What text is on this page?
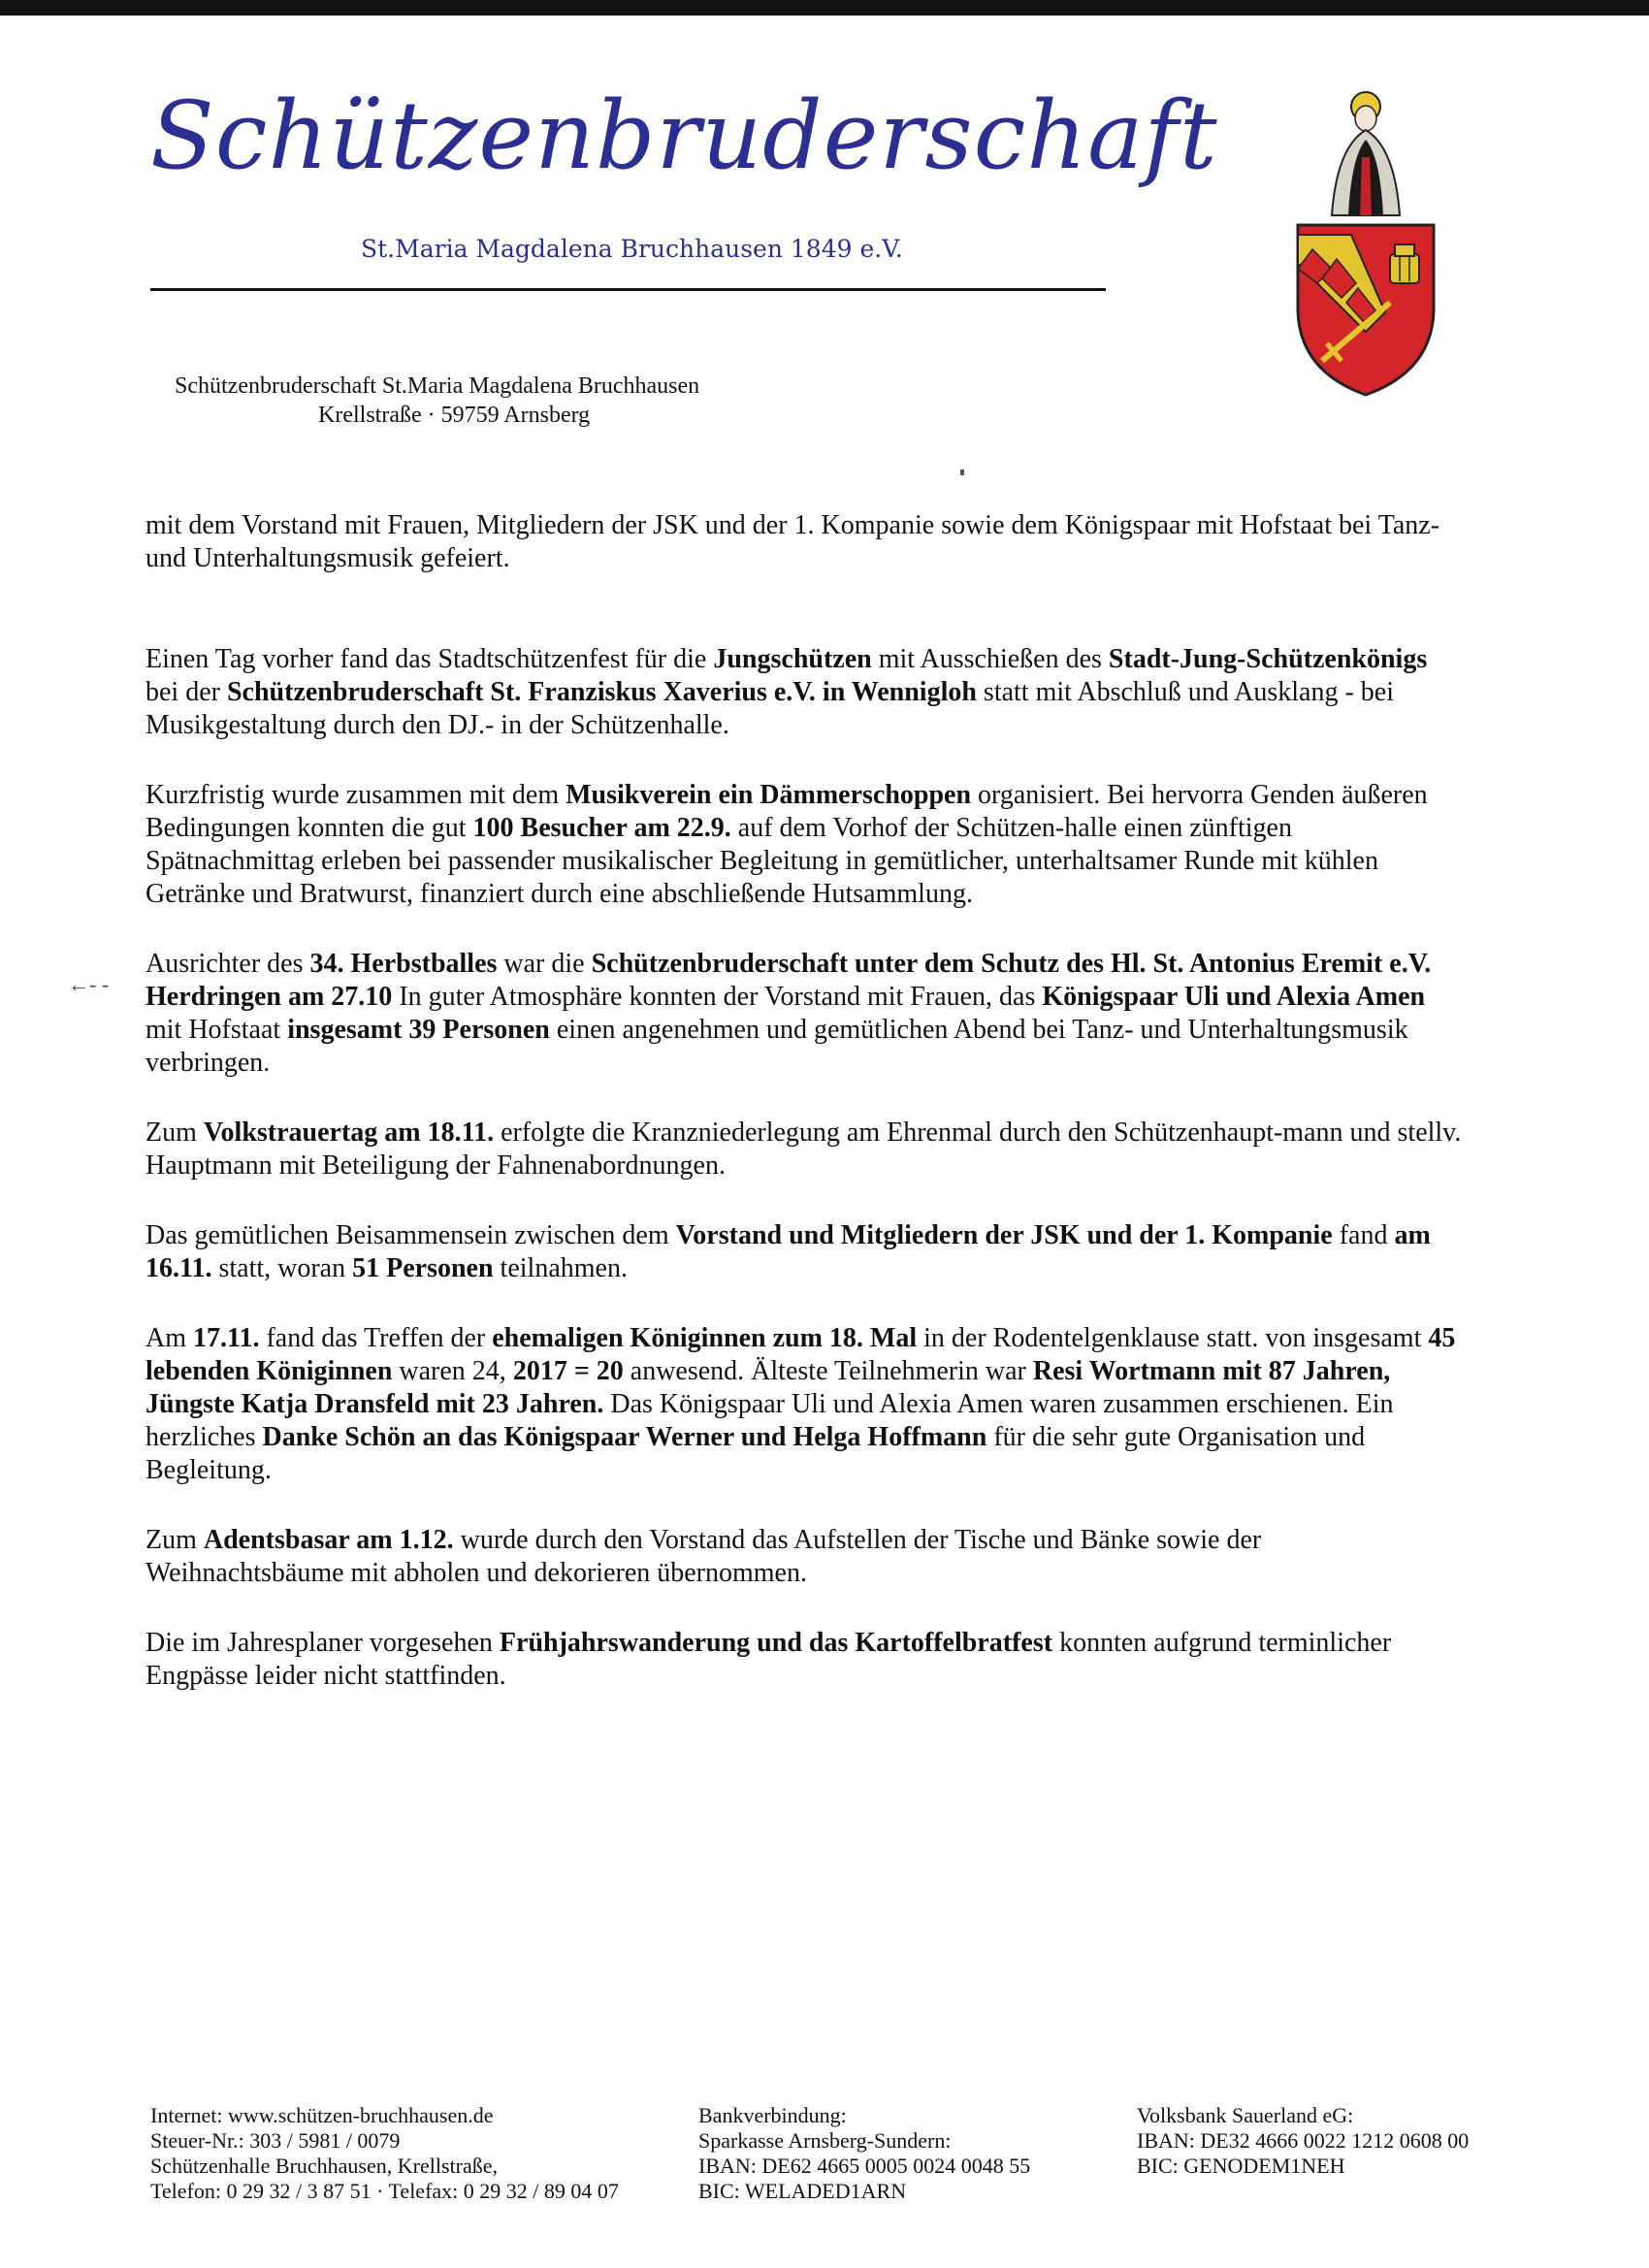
Schützenbruderschaft
St.Maria Magdalena Bruchhausen 1849 e.V.
Schützenbruderschaft St.Maria Magdalena Bruchhausen
Krellstraße · 59759 Arnsberg
←- -

mit dem Vorstand mit Frauen, Mitgliedern der JSK und der 1. Kompanie sowie dem Königspaar mit Hofstaat bei Tanz- und Unterhaltungsmusik gefeiert.

Einen Tag vorher fand das Stadtschützenfest für die Jungschützen mit Ausschießen des Stadt-Jung-Schützenkönigs bei der Schützenbruderschaft St. Franziskus Xaverius e.V. in Wennigloh statt mit Abschluß und Ausklang - bei Musikgestaltung durch den DJ.- in der Schützenhalle.

Kurzfristig wurde zusammen mit dem Musikverein ein Dämmerschoppen organisiert. Bei hervorra Genden äußeren Bedingungen konnten die gut 100 Besucher am 22.9. auf dem Vorhof der Schützen-halle einen zünftigen Spätnachmittag erleben bei passender musikalischer Begleitung in gemütlicher, unterhaltsamer Runde mit kühlen Getränke und Bratwurst, finanziert durch eine abschließende Hutsammlung.

Ausrichter des 34. Herbstballes war die Schützenbruderschaft unter dem Schutz des Hl. St. Antonius Eremit e.V. Herdringen am 27.10 In guter Atmosphäre konnten der Vorstand mit Frauen, das Königspaar Uli und Alexia Amen mit Hofstaat insgesamt 39 Personen einen angenehmen und gemütlichen Abend bei Tanz- und Unterhaltungsmusik verbringen.

Zum Volkstrauertag am 18.11. erfolgte die Kranzniederlegung am Ehrenmal durch den Schützenhaupt-mann und stellv. Hauptmann mit Beteiligung der Fahnenabordnungen.

Das gemütlichen Beisammensein zwischen dem Vorstand und Mitgliedern der JSK und der 1. Kompanie fand am 16.11. statt, woran 51 Personen teilnahmen.

Am 17.11. fand das Treffen der ehemaligen Königinnen zum 18. Mal in der Rodentelgenklause statt. von insgesamt 45 lebenden Königinnen waren 24, 2017 = 20 anwesend. Älteste Teilnehmerin war Resi Wortmann mit 87 Jahren, Jüngste Katja Dransfeld mit 23 Jahren. Das Königspaar Uli und Alexia Amen waren zusammen erschienen. Ein herzliches Danke Schön an das Königspaar Werner und Helga Hoffmann für die sehr gute Organisation und Begleitung.

Zum Adentsbasar am 1.12. wurde durch den Vorstand das Aufstellen der Tische und Bänke sowie der Weihnachtsbäume mit abholen und dekorieren übernommen.

Die im Jahresplaner vorgesehen Frühjahrswanderung und das Kartoffelbratfest konnten aufgrund terminlicher Engpässe leider nicht stattfinden.

Internet: www.schützen-bruchhausen.de
Steuer-Nr.: 303 / 5981 / 0079
Schützenhalle Bruchhausen, Krellstraße,
Telefon: 0 29 32 / 3 87 51 · Telefax: 0 29 32 / 89 04 07
Bankverbindung:
Sparkasse Arnsberg-Sundern:
IBAN: DE62 4665 0005 0024 0048 55
BIC: WELADED1ARN
Volksbank Sauerland eG:
IBAN: DE32 4666 0022 1212 0608 00
BIC: GENODEM1NEH
